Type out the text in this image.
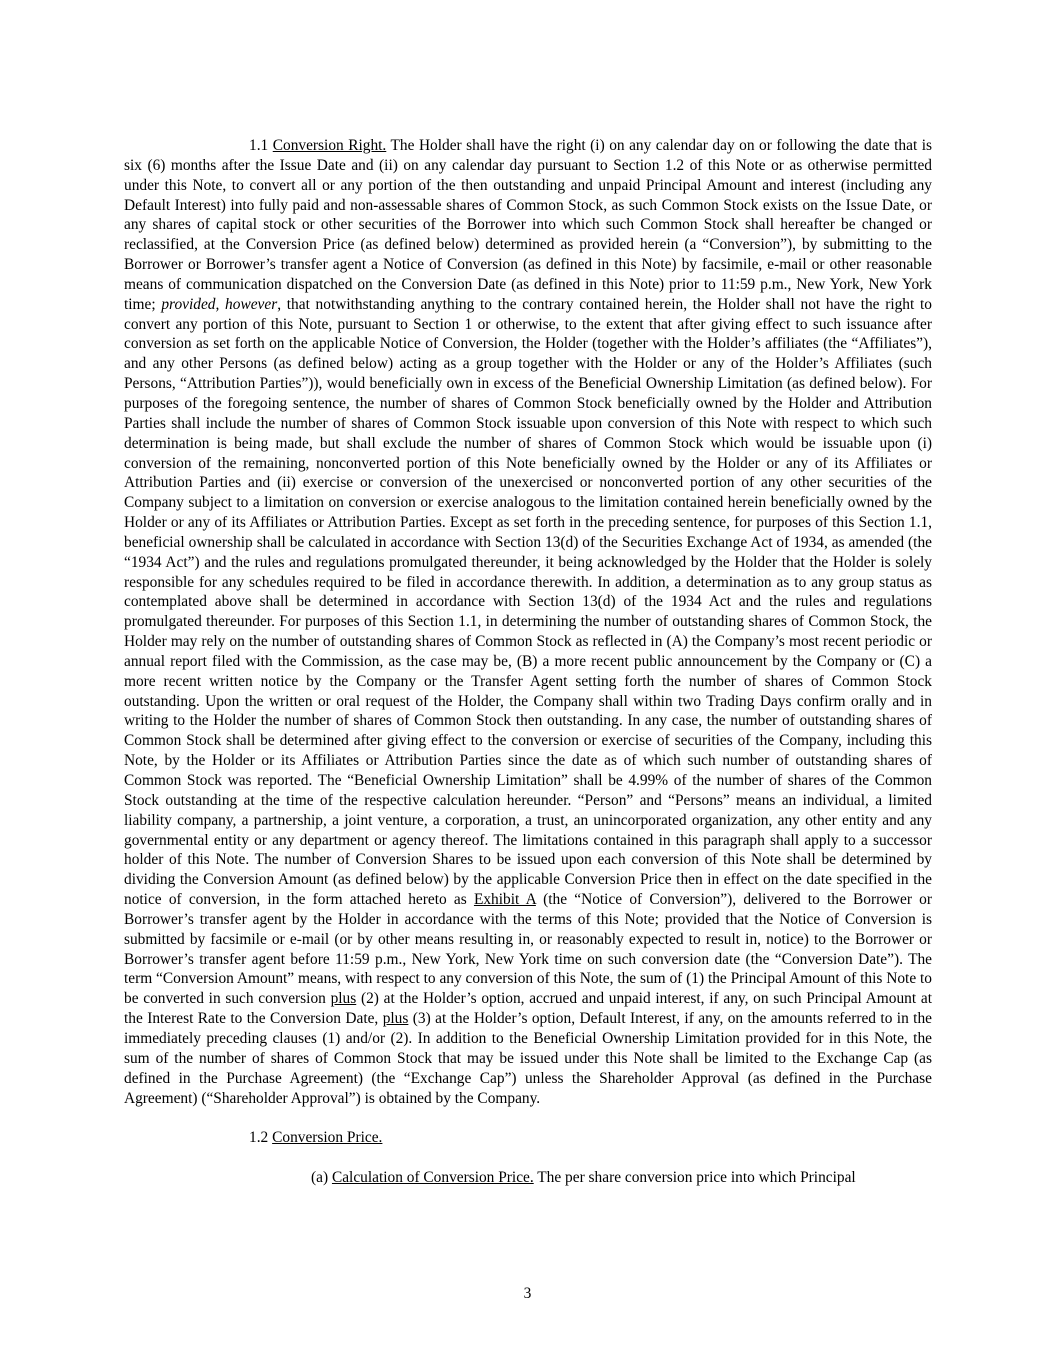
1.1 Conversion Right. The Holder shall have the right (i) on any calendar day on or following the date that is six (6) months after the Issue Date and (ii) on any calendar day pursuant to Section 1.2 of this Note or as otherwise permitted under this Note, to convert all or any portion of the then outstanding and unpaid Principal Amount and interest (including any Default Interest) into fully paid and non-assessable shares of Common Stock, as such Common Stock exists on the Issue Date, or any shares of capital stock or other securities of the Borrower into which such Common Stock shall hereafter be changed or reclassified, at the Conversion Price (as defined below) determined as provided herein (a “Conversion”), by submitting to the Borrower or Borrower’s transfer agent a Notice of Conversion (as defined in this Note) by facsimile, e-mail or other reasonable means of communication dispatched on the Conversion Date (as defined in this Note) prior to 11:59 p.m., New York, New York time; provided, however, that notwithstanding anything to the contrary contained herein, the Holder shall not have the right to convert any portion of this Note, pursuant to Section 1 or otherwise, to the extent that after giving effect to such issuance after conversion as set forth on the applicable Notice of Conversion, the Holder (together with the Holder’s affiliates (the “Affiliates”), and any other Persons (as defined below) acting as a group together with the Holder or any of the Holder’s Affiliates (such Persons, “Attribution Parties”)), would beneficially own in excess of the Beneficial Ownership Limitation (as defined below). For purposes of the foregoing sentence, the number of shares of Common Stock beneficially owned by the Holder and Attribution Parties shall include the number of shares of Common Stock issuable upon conversion of this Note with respect to which such determination is being made, but shall exclude the number of shares of Common Stock which would be issuable upon (i) conversion of the remaining, nonconverted portion of this Note beneficially owned by the Holder or any of its Affiliates or Attribution Parties and (ii) exercise or conversion of the unexercised or nonconverted portion of any other securities of the Company subject to a limitation on conversion or exercise analogous to the limitation contained herein beneficially owned by the Holder or any of its Affiliates or Attribution Parties. Except as set forth in the preceding sentence, for purposes of this Section 1.1, beneficial ownership shall be calculated in accordance with Section 13(d) of the Securities Exchange Act of 1934, as amended (the “1934 Act”) and the rules and regulations promulgated thereunder, it being acknowledged by the Holder that the Holder is solely responsible for any schedules required to be filed in accordance therewith. In addition, a determination as to any group status as contemplated above shall be determined in accordance with Section 13(d) of the 1934 Act and the rules and regulations promulgated thereunder. For purposes of this Section 1.1, in determining the number of outstanding shares of Common Stock, the Holder may rely on the number of outstanding shares of Common Stock as reflected in (A) the Company’s most recent periodic or annual report filed with the Commission, as the case may be, (B) a more recent public announcement by the Company or (C) a more recent written notice by the Company or the Transfer Agent setting forth the number of shares of Common Stock outstanding. Upon the written or oral request of the Holder, the Company shall within two Trading Days confirm orally and in writing to the Holder the number of shares of Common Stock then outstanding. In any case, the number of outstanding shares of Common Stock shall be determined after giving effect to the conversion or exercise of securities of the Company, including this Note, by the Holder or its Affiliates or Attribution Parties since the date as of which such number of outstanding shares of Common Stock was reported. The “Beneficial Ownership Limitation” shall be 4.99% of the number of shares of the Common Stock outstanding at the time of the respective calculation hereunder. “Person” and “Persons” means an individual, a limited liability company, a partnership, a joint venture, a corporation, a trust, an unincorporated organization, any other entity and any governmental entity or any department or agency thereof. The limitations contained in this paragraph shall apply to a successor holder of this Note. The number of Conversion Shares to be issued upon each conversion of this Note shall be determined by dividing the Conversion Amount (as defined below) by the applicable Conversion Price then in effect on the date specified in the notice of conversion, in the form attached hereto as Exhibit A (the “Notice of Conversion”), delivered to the Borrower or Borrower’s transfer agent by the Holder in accordance with the terms of this Note; provided that the Notice of Conversion is submitted by facsimile or e-mail (or by other means resulting in, or reasonably expected to result in, notice) to the Borrower or Borrower’s transfer agent before 11:59 p.m., New York, New York time on such conversion date (the “Conversion Date”). The term “Conversion Amount” means, with respect to any conversion of this Note, the sum of (1) the Principal Amount of this Note to be converted in such conversion plus (2) at the Holder’s option, accrued and unpaid interest, if any, on such Principal Amount at the Interest Rate to the Conversion Date, plus (3) at the Holder’s option, Default Interest, if any, on the amounts referred to in the immediately preceding clauses (1) and/or (2). In addition to the Beneficial Ownership Limitation provided for in this Note, the sum of the number of shares of Common Stock that may be issued under this Note shall be limited to the Exchange Cap (as defined in the Purchase Agreement) (the “Exchange Cap”) unless the Shareholder Approval (as defined in the Purchase Agreement) (“Shareholder Approval”) is obtained by the Company.

1.2 Conversion Price.

(a) Calculation of Conversion Price. The per share conversion price into which Principal

3
